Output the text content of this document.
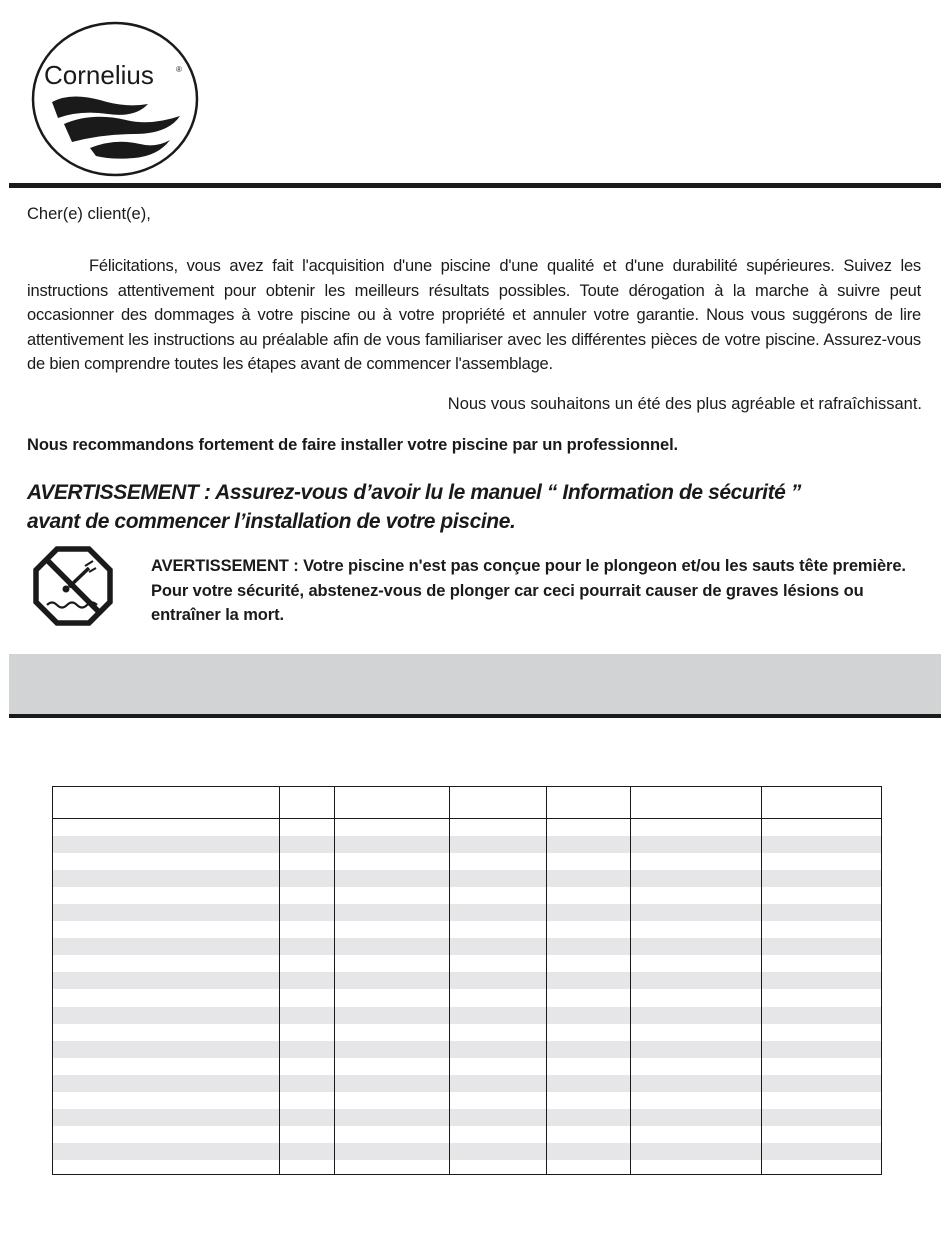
Cornelius	®
Cher(e) client(e),
Félicitations, vous avez fait l'acquisition d'une piscine d'une qualité et d'une durabilité supérieures. Suivez les instructions attentivement pour obtenir les meilleurs résultats possibles. Toute dérogation à la marche à suivre peut occasionner des dommages à votre piscine ou à votre propriété et annuler votre garantie. Nous vous suggérons de lire attentivement les instructions au préalable afin de vous familiariser avec les différentes pièces de votre piscine. Assurez-vous de bien comprendre toutes les étapes avant de commencer l'assemblage.
Nous vous souhaitons un été des plus agréable et rafraîchissant.
Nous recommandons fortement de faire installer votre piscine par un professionnel.
AVERTISSEMENT : Assurez-vous d’avoir lu le manuel “ Information de sécurité ”
avant de commencer l’installation de votre piscine.
AVERTISSEMENT : Votre piscine n'est pas conçue pour le plongeon et/ou les sauts tête première. Pour votre sécurité, abstenez-vous de plonger car ceci pourrait causer de graves lésions ou entraîner la mort.
